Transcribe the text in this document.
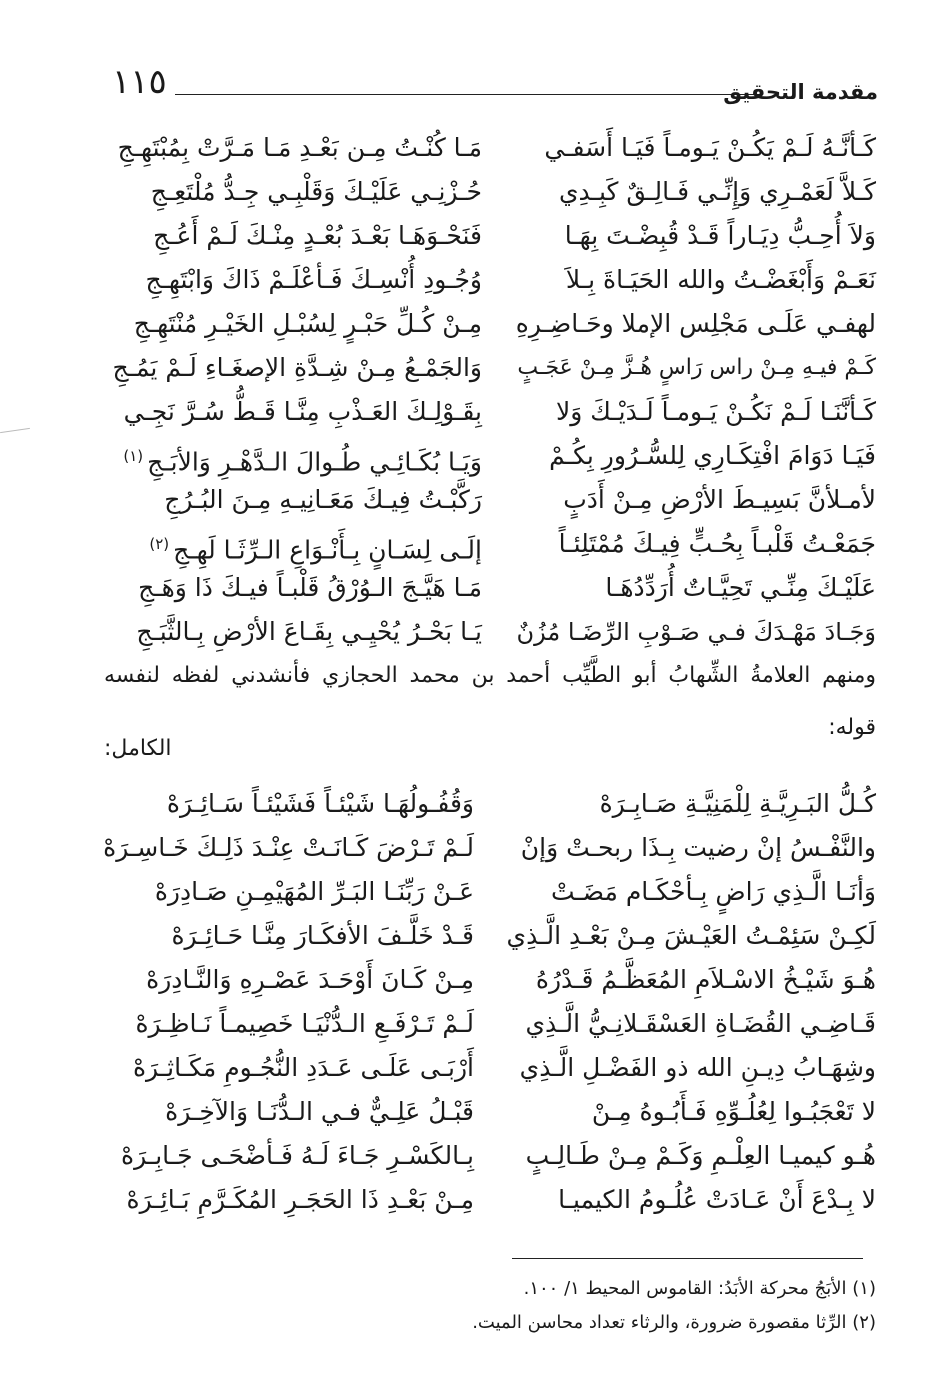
١١٥	مقدمة التحقيق
كَـأنَّـهُ لَـمْ يَكُـنْ يَـومـاً فَيَـا أَسَفـي
كَـلاَّ لَعَمْـرِي وَإِنِّـي فَـالِـقٌ كَبِـدِي
وَلاَ أُحِـبُّ دِيَـاراً قَـدْ قُبِضْـتَ بِهَـا
نَعَـمْ وَأَبْغَضْـتُ والله الحَيَـاةَ بِـلاَ
لهفـي عَلَـى مَجْلِس الإملا وحَـاضِـرِهِ
كَـمْ فيـهِ مِـنْ راس رَاسٍ هُـزَّ مِـنْ عَجَـبٍ
كَـأنَّنَـا لَـمْ نَكُـنْ يَـومـاً لَـدَيْـكَ وَلا
فَيَـا دَوَامَ افْتِكَـارِي لِلسُّـرُورِ بِكُـمْ
لأمـلأنَّ بَسِيـطَ الأرْضِ مِـنْ أَدَبٍ
جَمَعْـتُ قَلْبـاً بِحُـبٍّ فِيـكَ مُمْتَلِئـاً
عَلَيْـكَ مِنِّـي تَحِيَّـاتٌ أُرَدِّدُهَـا
وَجَـادَ مَهْـدَكَ فـي صَـوْبِ الرِّضَـا مُزُنٌ
مَـا كُنْـتُ مِـن بَعْـدِ مَـا مَـرَّتْ بِمُبْتَهِـجِ
حُـزْنِـي عَلَيْـكَ وَقَلْبِـي جِـدُّ مُلْتَعِـجِ
فَنَحْـوَهَـا بَعْـدَ بُعْـدٍ مِنْـكَ لَـمْ أَعُـجِ
وُجُـودِ أُنْسِـكَ فَـأعْلَـمْ ذَاكَ وَابْتَهِـجِ
مِـنْ كُـلِّ حَبْـرٍ لِسُبْـلِ الخَيْـرِ مُنْتَهِـجِ
وَالجَمْـعُ مِـنْ شِـدَّةِ الإصغَـاءِ لَـمْ يَمُـجِ
بِقَـوْلِـكَ العَـذْبِ مِنَّـا قَـطُّ سُـرَّ نَجِـي
وَيَـا بُكَـائِـي طُـوالَ الـدَّهْـرِ وَالأبَـجِ$^{(١)}$
رَكَّبْـتُ فِيـكَ مَعَـانِيـهِ مِـنَ البُـرُجِ
إلَـى لِسَـانٍ بِـأَنْـوَاعِ الـرِّثَـا لَهِـجِ$^{(٢)}$
مَـا هَيَّـجَ الـوُرْقُ قَلْبـاً فيـكَ ذَا وَهَـجِ
يَـا بَحْـرُ يُحْيِـي بِقَـاعَ الأرْضِ بِـالثَّبَـجِ
ومنهم العلامةُ الشِّهابُ أبو الطَّيِّب أحمد بن محمد الحجازي فأنشدني لفظه لنفسه قوله:
الكامل:
كُـلُّ البَـرِيَّـةِ لِلْمَنِيَّـةِ صَـابِـرَهْ
والنَّفْـسُ إنْ رضيت بِـذَا ربحـتْ وَإنْ
وَأنَـا الَّـذِي رَاضٍ بِـأحْكَـام مَضَـتْ
لَكِـنْ سَئِمْـتُ العَيْـشَ مِـنْ بَعْـدِ الَّـذِي
هُـوَ شَيْـخُ الاسْـلاَمِ المُعَظَّـمُ قَـدْرُهُ
قَـاضِـي القُضَـاةِ العَسْقَـلانِـيُّ الَّـذِي
وشِهَـابُ دِيـنِ الله ذو الفَضْـلِ الَّـذِي
لا تَعْجَبُـوا لِعُلُـوِّهِ فَـأَبُـوهُ مِـنْ
هُـو كيميـا العِلْـمِ وَكَـمْ مِـنْ طَـالِـبٍ
لا بِـدْعَ أَنْ عَـادَتْ عُلُـومُ الكيميـا
وَقُفُـولُهَـا شَيْئـاً فَشَيْئـاً سَـائِـرَهْ
لَـمْ تَـرْضَ كَـانَـتْ عِنْـدَ ذَلِـكَ خَـاسِـرَهْ
عَـنْ رَبِّنَـا البَـرِّ المُهَيْمِـنِ صَـادِرَهْ
قَـدْ خَلَّـفَ الأفكَـارَ مِنَّـا حَـائِـرَهْ
مِـنْ كَـانَ أَوْحَـدَ عَصْـرِهِ وَالنَّـادِرَهْ
لَـمْ تَـرْفَـعِ الـدُّنْيَـا خَصِيمـاً نَـاظِـرَهْ
أَرْبَـى عَلَـى عَـدَدِ النُّجُـومِ مَكَـاثِـرَهْ
قَبْـلُ عَلِـيٌّ فـي الـدُّنَـا وَالآخِـرَهْ
بِـالكَسْـرِ جَـاءَ لَـهُ فَـأضْحَـى جَـابِـرَهْ
مِـنْ بَعْـدِ ذَا الحَجَـرِ المُكَـرَّمِ بَـائِـرَهْ
(١) الأبَجُ محركة الأبَدُ: القاموس المحيط ١/ ١٠٠.
(٢) الرِّثا مقصورة ضرورة، والرثاء تعداد محاسن الميت.
